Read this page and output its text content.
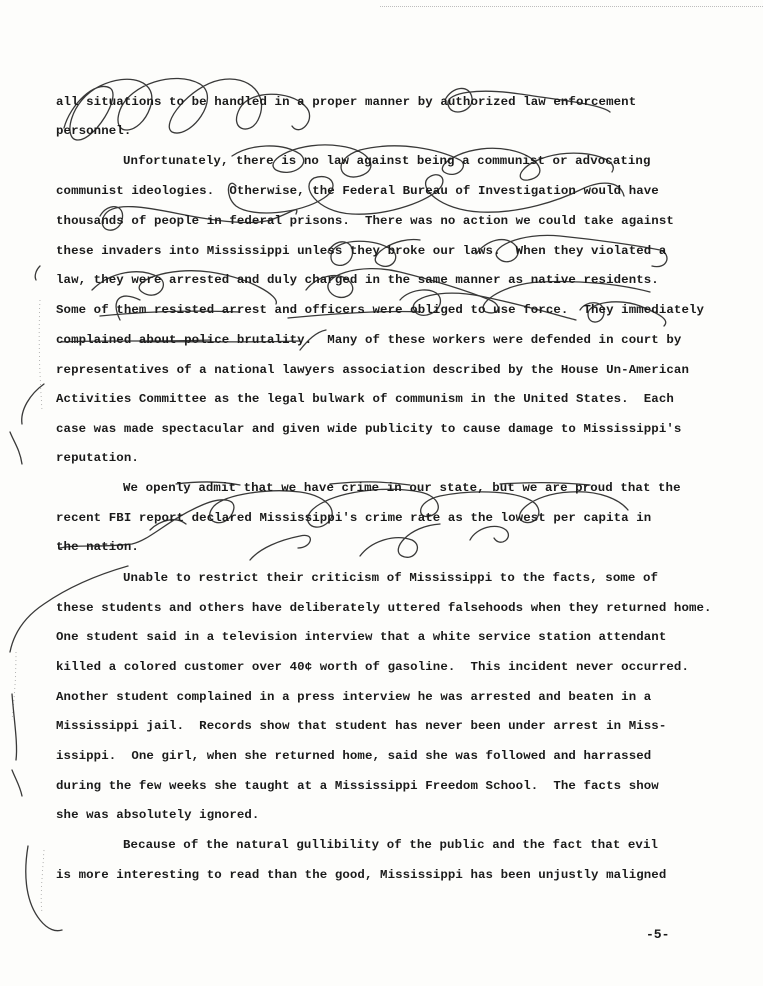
all situations to be handled in a proper manner by authorized law enforcement
personnel.
Unfortunately, there is no law against being a communist or advocating
communist ideologies.  Otherwise, the Federal Bureau of Investigation would have
thousands of people in federal prisons.  There was no action we could take against
these invaders into Mississippi unless they broke our laws.  When they violated a
law, they were arrested and duly charged in the same manner as native residents.
Some of them resisted arrest and officers were obliged to use force.  They immediately
complained about police brutality.  Many of these workers were defended in court by
representatives of a national lawyers association described by the House Un-American
Activities Committee as the legal bulwark of communism in the United States.  Each
case was made spectacular and given wide publicity to cause damage to Mississippi's
reputation.
We openly admit that we have crime in our state, but we are proud that the
recent FBI report declared Mississippi's crime rate as the lowest per capita in
the nation.
Unable to restrict their criticism of Mississippi to the facts, some of
these students and others have deliberately uttered falsehoods when they returned home.
One student said in a television interview that a white service station attendant
killed a colored customer over 40¢ worth of gasoline.  This incident never occurred.
Another student complained in a press interview he was arrested and beaten in a
Mississippi jail.  Records show that student has never been under arrest in Miss-
issippi.  One girl, when she returned home, said she was followed and harrassed
during the few weeks she taught at a Mississippi Freedom School.  The facts show
she was absolutely ignored.
Because of the natural gullibility of the public and the fact that evil
is more interesting to read than the good, Mississippi has been unjustly maligned
-5-
